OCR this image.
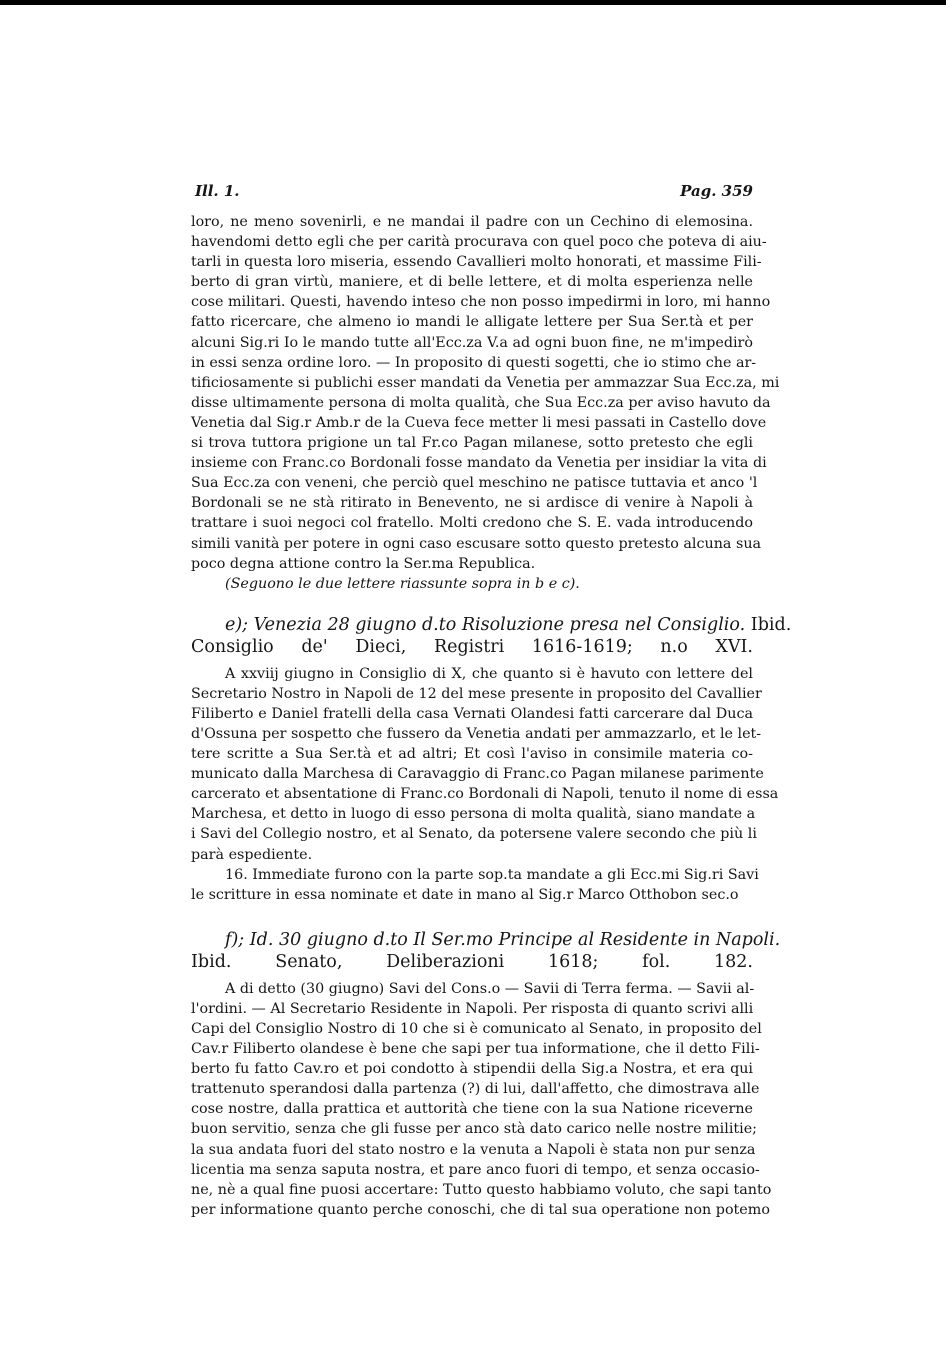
Ill. 1.	Pag. 359
loro, ne meno sovenirli, e ne mandai il padre con un Cechino di elemosina.
havendomi detto egli che per carità procurava con quel poco che poteva di aiu-
tarli in questa loro miseria, essendo Cavallieri molto honorati, et massime Fili-
berto di gran virtù, maniere, et di belle lettere, et di molta esperienza nelle
cose militari. Questi, havendo inteso che non posso impedirmi in loro, mi hanno
fatto ricercare, che almeno io mandi le alligate lettere per Sua Ser.tà et per
alcuni Sig.ri Io le mando tutte all'Ecc.za V.a ad ogni buon fine, ne m'impedirò
in essi senza ordine loro. — In proposito di questi sogetti, che io stimo che ar-
tificiosamente si publichi esser mandati da Venetia per ammazzar Sua Ecc.za, mi
disse ultimamente persona di molta qualità, che Sua Ecc.za per aviso havuto da
Venetia dal Sig.r Amb.r de la Cueva fece metter li mesi passati in Castello dove
si trova tuttora prigione un tal Fr.co Pagan milanese, sotto pretesto che egli
insieme con Franc.co Bordonali fosse mandato da Venetia per insidiar la vita di
Sua Ecc.za con veneni, che perciò quel meschino ne patisce tuttavia et anco 'l
Bordonali se ne stà ritirato in Benevento, ne si ardisce di venire à Napoli à
trattare i suoi negoci col fratello. Molti credono che S. E. vada introducendo
simili vanità per potere in ogni caso escusare sotto questo pretesto alcuna sua
poco degna attione contro la Ser.ma Republica.
(Seguono le due lettere riassunte sopra in b e c).
e); Venezia 28 giugno d.to Risoluzione presa nel Consiglio. Ibid.
Consiglio de' Dieci, Registri 1616-1619; n.o XVI.
A xxviij giugno in Consiglio di X, che quanto si è havuto con lettere del
Secretario Nostro in Napoli de 12 del mese presente in proposito del Cavallier
Filiberto e Daniel fratelli della casa Vernati Olandesi fatti carcerare dal Duca
d'Ossuna per sospetto che fussero da Venetia andati per ammazzarlo, et le let-
tere scritte a Sua Ser.tà et ad altri; Et così l'aviso in consimile materia co-
municato dalla Marchesa di Caravaggio di Franc.co Pagan milanese parimente
carcerato et absentatione di Franc.co Bordonali di Napoli, tenuto il nome di essa
Marchesa, et detto in luogo di esso persona di molta qualità, siano mandate a
i Savi del Collegio nostro, et al Senato, da potersene valere secondo che più li
parà espediente.
16. Immediate furono con la parte sop.ta mandate a gli Ecc.mi Sig.ri Savi
le scritture in essa nominate et date in mano al Sig.r Marco Otthobon sec.o
f); Id. 30 giugno d.to Il Ser.mo Principe al Residente in Napoli.
Ibid. Senato, Deliberazioni 1618; fol. 182.
A di detto (30 giugno) Savi del Cons.o — Savii di Terra ferma. — Savii al-
l'ordini. — Al Secretario Residente in Napoli. Per risposta di quanto scrivi alli
Capi del Consiglio Nostro di 10 che si è comunicato al Senato, in proposito del
Cav.r Filiberto olandese è bene che sapi per tua informatione, che il detto Fili-
berto fu fatto Cav.ro et poi condotto à stipendii della Sig.a Nostra, et era qui
trattenuto sperandosi dalla partenza (?) di lui, dall'affetto, che dimostrava alle
cose nostre, dalla prattica et auttorità che tiene con la sua Natione riceverne
buon servitio, senza che gli fusse per anco stà dato carico nelle nostre militie;
la sua andata fuori del stato nostro e la venuta a Napoli è stata non pur senza
licentia ma senza saputa nostra, et pare anco fuori di tempo, et senza occasio-
ne, nè a qual fine puosi accertare: Tutto questo habbiamo voluto, che sapi tanto
per informatione quanto perche conoschi, che di tal sua operatione non potemo
